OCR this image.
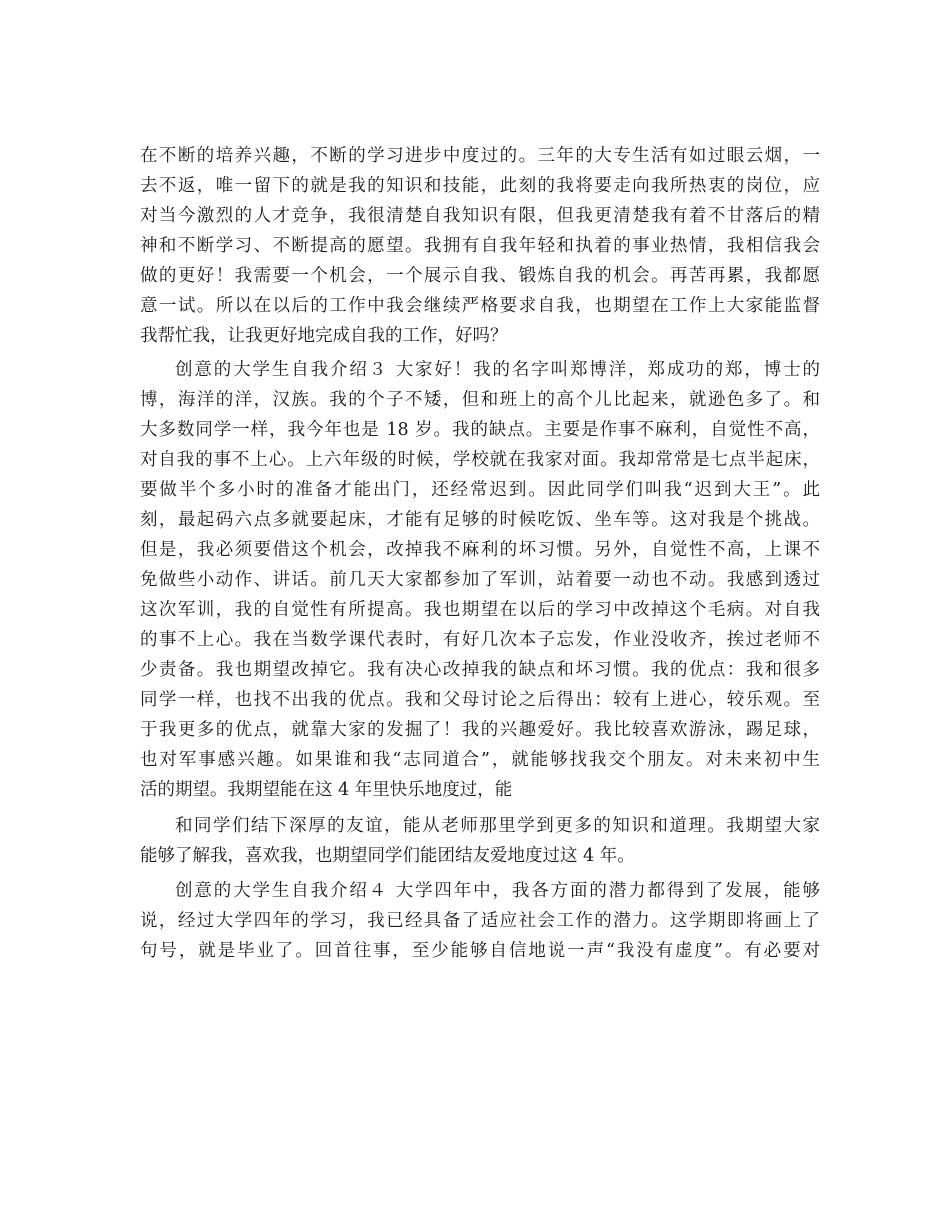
在不断的培养兴趣，不断的学习进步中度过的。三年的大专生活有如过眼云烟，一
去不返，唯一留下的就是我的知识和技能，此刻的我将要走向我所热衷的岗位，应
对当今激烈的人才竞争，我很清楚自我知识有限，但我更清楚我有着不甘落后的精
神和不断学习、不断提高的愿望。我拥有自我年轻和执着的事业热情，我相信我会
做的更好！我需要一个机会，一个展示自我、锻炼自我的机会。再苦再累，我都愿
意一试。所以在以后的工作中我会继续严格要求自我，也期望在工作上大家能监督
我帮忙我，让我更好地完成自我的工作，好吗？
创意的大学生自我介绍３ 大家好！我的名字叫郑博洋，郑成功的郑，博士的
博，海洋的洋，汉族。我的个子不矮，但和班上的高个儿比起来，就逊色多了。和
大多数同学一样，我今年也是 18 岁。我的缺点。主要是作事不麻利，自觉性不高，
对自我的事不上心。上六年级的时候，学校就在我家对面。我却常常是七点半起床，
要做半个多小时的准备才能出门，还经常迟到。因此同学们叫我“迟到大王”。此
刻，最起码六点多就要起床，才能有足够的时候吃饭、坐车等。这对我是个挑战。
但是，我必须要借这个机会，改掉我不麻利的坏习惯。另外，自觉性不高，上课不
免做些小动作、讲话。前几天大家都参加了军训，站着要一动也不动。我感到透过
这次军训，我的自觉性有所提高。我也期望在以后的学习中改掉这个毛病。对自我
的事不上心。我在当数学课代表时，有好几次本子忘发，作业没收齐，挨过老师不
少责备。我也期望改掉它。我有决心改掉我的缺点和坏习惯。我的优点：我和很多
同学一样，也找不出我的优点。我和父母讨论之后得出：较有上进心，较乐观。至
于我更多的优点，就靠大家的发掘了！我的兴趣爱好。我比较喜欢游泳，踢足球，
也对军事感兴趣。如果谁和我“志同道合”，就能够找我交个朋友。对未来初中生
活的期望。我期望能在这 4 年里快乐地度过，能
和同学们结下深厚的友谊，能从老师那里学到更多的知识和道理。我期望大家
能够了解我，喜欢我，也期望同学们能团结友爱地度过这 4 年。
创意的大学生自我介绍４ 大学四年中，我各方面的潜力都得到了发展，能够
说，经过大学四年的学习，我已经具备了适应社会工作的潜力。这学期即将画上了
句号，就是毕业了。回首往事，至少能够自信地说一声“我没有虚度”。有必要对
